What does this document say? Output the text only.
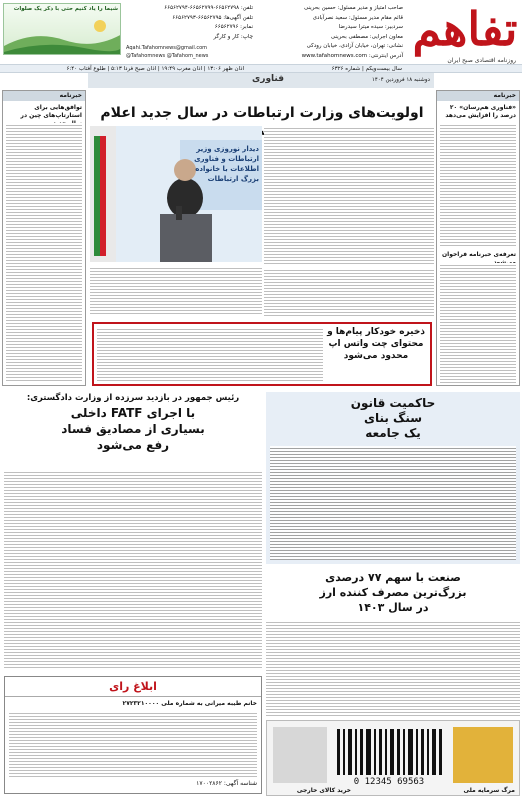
تفاهم
روزنامه اقتصادی صبح ایران
صاحب امتیاز و مدیر مسئول: حسین بحرینی
قائم مقام مدیر مسئول: سعید نصرآبادی
سردبیر: سیده میترا سیدرضا
معاون اجرایی: مصطفی بحرینی
نشانی: تهران، خیابان آزادی، خیابان رودکی
آدرس اینترنتی: www.tafahomnews.com
تلفن: ۶۶۵۶۲۷۹۸-۶۶۵۶۲۷۹۹-۶۶۵۶۲۷۹۴
تلفن آگهی‌ها: ۶۶۵۶۲۷۹۵-۶۶۵۶۲۷۹۳
نمابر: ۶۶۵۶۲۷۹۶
چاپ: کار و کارگر
Aqahi.Tafahomnews@gmail.com
@Tafahomnews @Tafahom_news
شیما را یاد کنیم حتی با ذکر یک صلوات
سال بیست‌ویکم | شماره ۶۳۲۶
اذان ظهر ۱۳:۰۶ | اذان مغرب ۱۹:۴۹ | اذان صبح فردا ۵:۱۳ | طلوع آفتاب ۶:۴۰
فناوری	دوشنبه ۱۸ فروردین ۱۴۰۴
خبرنامه
«فناوری هم‌رسان» ۲۰ درصد را افزایش می‌دهد
تعرفه‌ی خبرنامه فراخوان
خبرنامه
توافق‌هایی برای استارتاپ‌های چین در	اولویت‌های وزارت ارتباطات در سال جدید اعلام
دیدار نوروزی وزیر ارتباطات و فناوری اطلاعات با خانواده بزرگ ارتباطات
ذخیره خودکار پیام‌ها و محتوای چت واتس اپ محدود می‌شود
رئیس جمهور در بازدید سرزده از وزارت دادگستری:
با اجرای FATF داخلی
بسیاری از مصادیق فساد
رفع می‌شود
حاکمیت قانون
سنگ بنای
یک جامعه
صنعت با سهم ۷۷ درصدی
بزرگ‌ترین مصرف کننده ارز
در سال ۱۴۰۳
ابلاغ رای
خانم طیبه میرانی به شماره ملی ۲۷۲۳۲۱۰۰۰۰
شناسه آگهی: ۱۷۰۰۲۸۶۲	0 12345 69563
خرید کالای خارجی	مرگ سرمایه ملی
